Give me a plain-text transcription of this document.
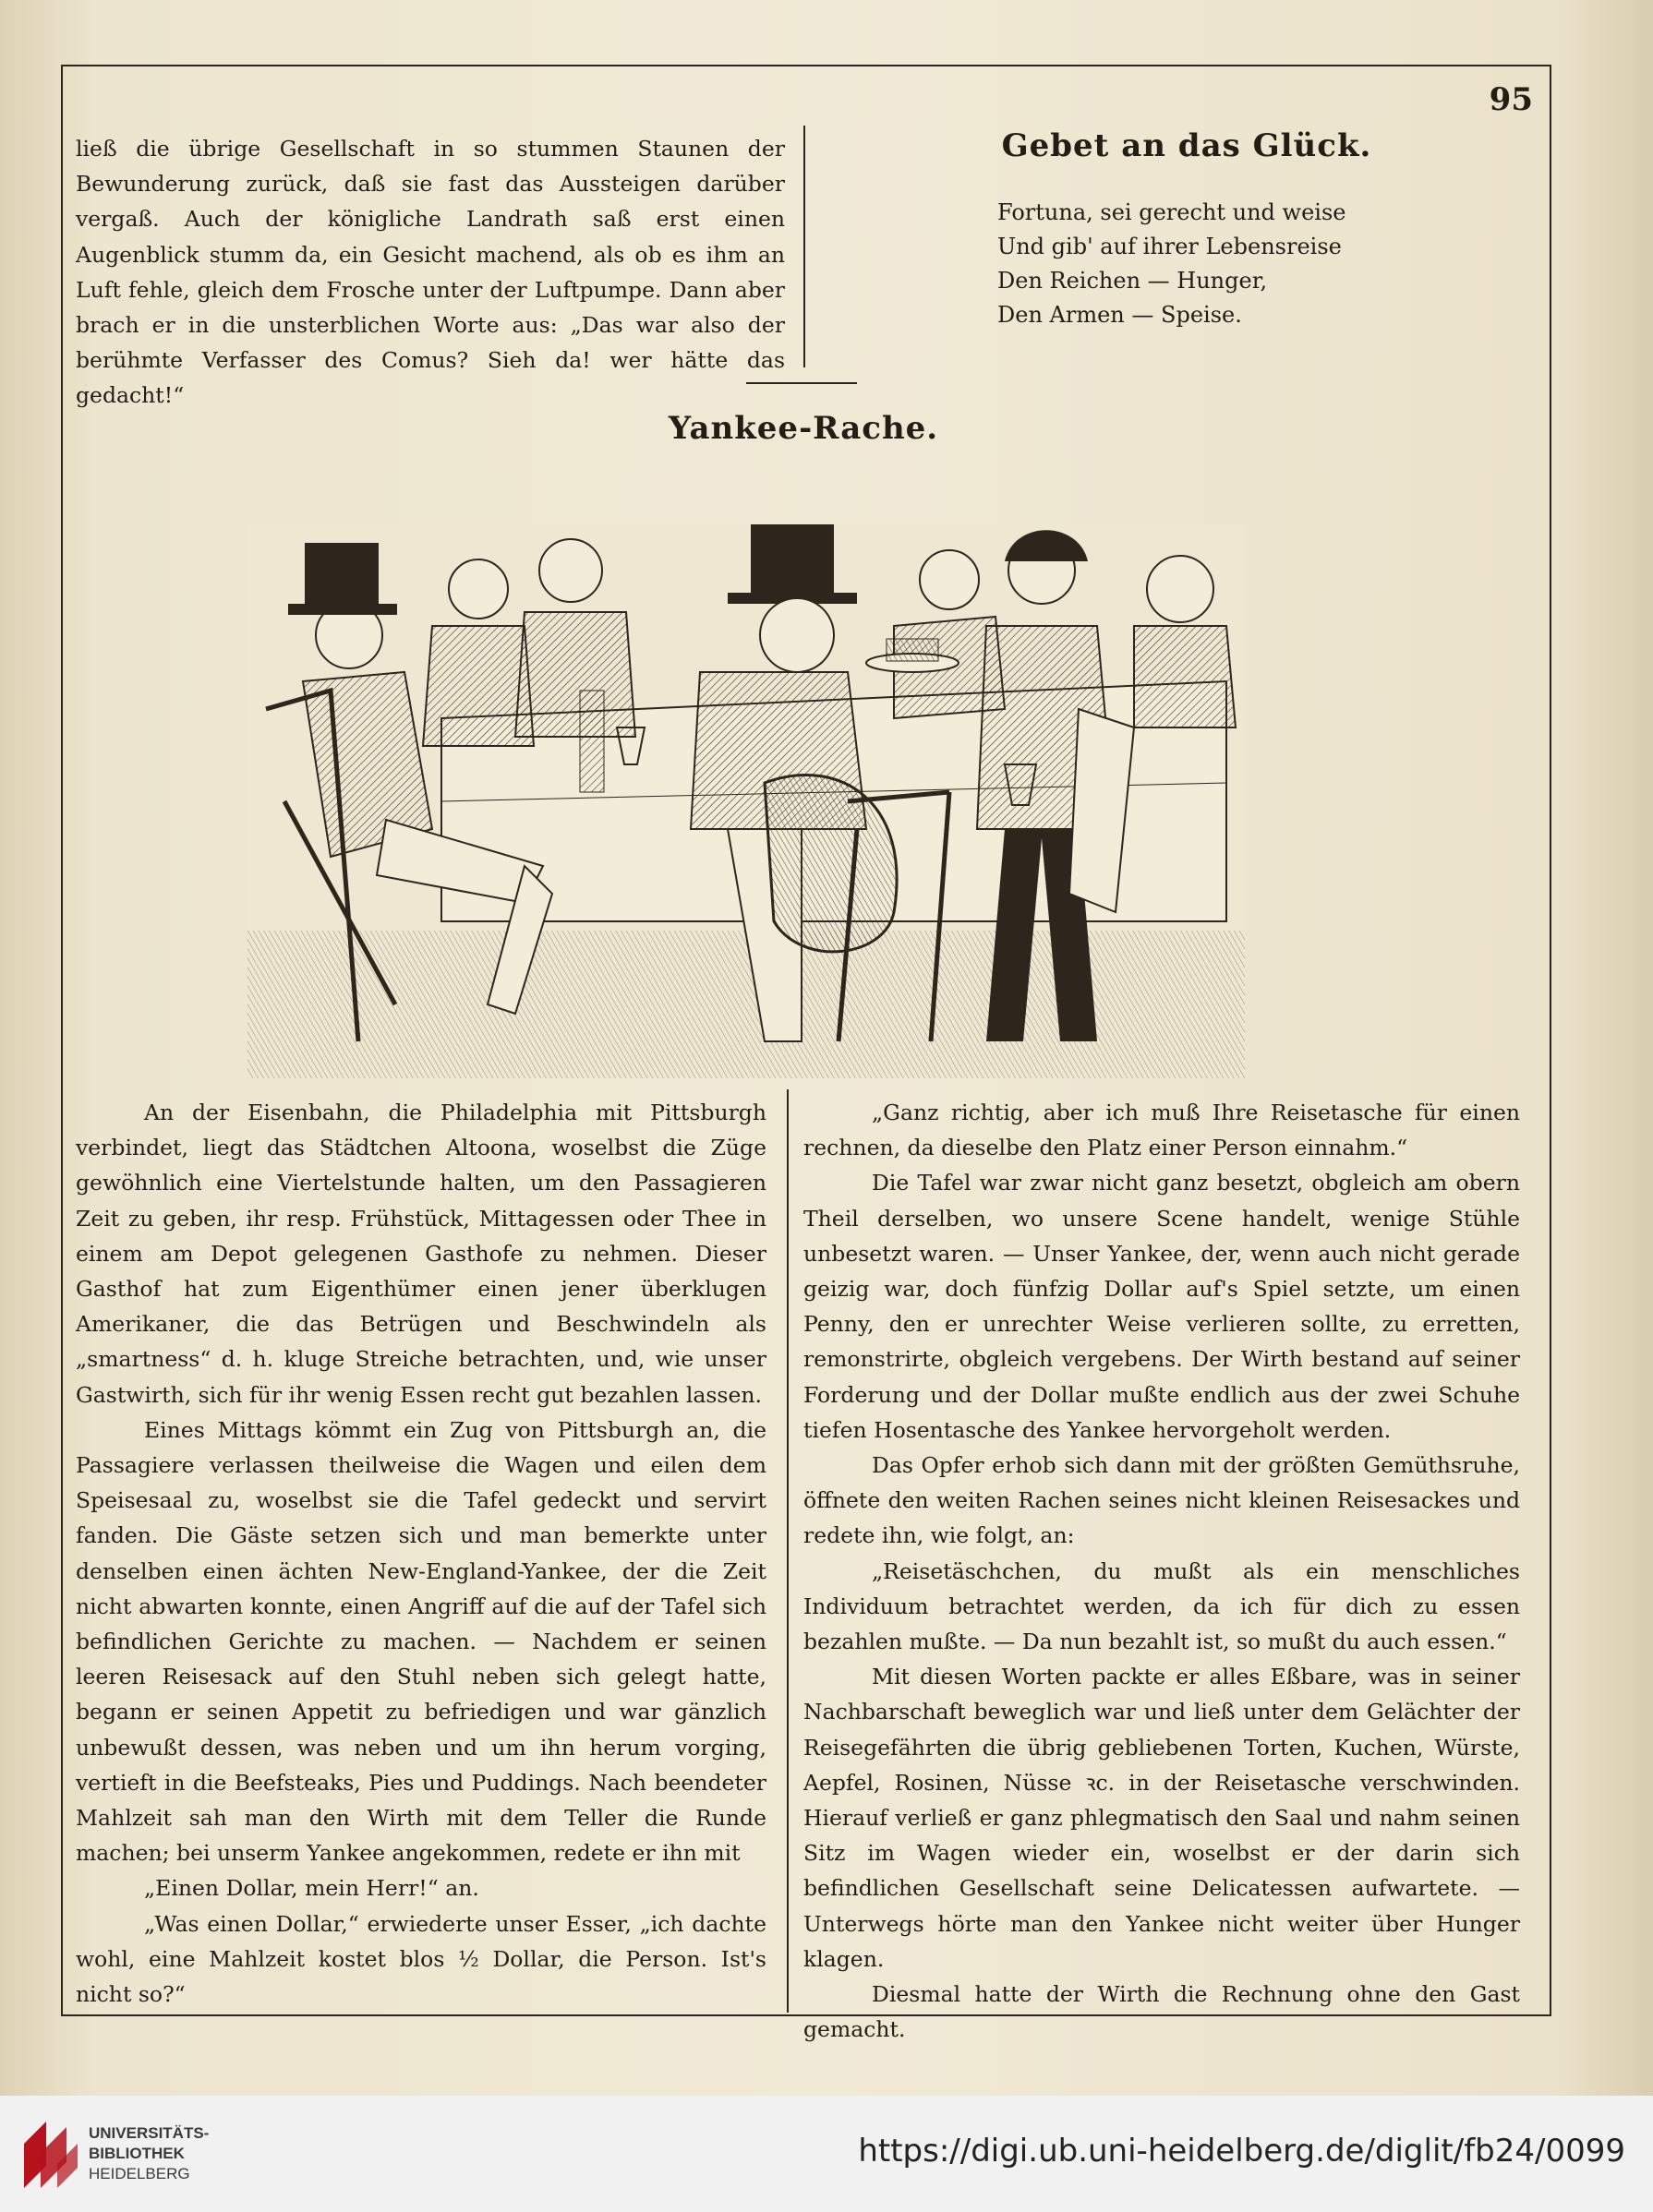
95

ließ die übrige Gesellschaft in so stummen Staunen der Bewunderung zurück, daß sie fast das Aussteigen darüber vergaß. Auch der königliche Landrath saß erst einen Augenblick stumm da, ein Gesicht machend, als ob es ihm an Luft fehle, gleich dem Frosche unter der Luftpumpe. Dann aber brach er in die unsterblichen Worte aus: „Das war also der berühmte Verfasser des Comus? Sieh da! wer hätte das gedacht!“

Gebet an das Glück.
Fortuna, sei gerecht und weise
Und gib' auf ihrer Lebensreise
Den Reichen — Hunger,
Den Armen — Speise.
Yankee-Rache.

An der Eisenbahn, die Philadelphia mit Pittsburgh verbindet, liegt das Städtchen Altoona, woselbst die Züge gewöhnlich eine Viertelstunde halten, um den Passagieren Zeit zu geben, ihr resp. Frühstück, Mittagessen oder Thee in einem am Depot gelegenen Gasthofe zu nehmen. Dieser Gasthof hat zum Eigenthümer einen jener überklugen Amerikaner, die das Betrügen und Beschwindeln als „smartness“ d. h. kluge Streiche betrachten, und, wie unser Gastwirth, sich für ihr wenig Essen recht gut bezahlen lassen.

Eines Mittags kömmt ein Zug von Pittsburgh an, die Passagiere verlassen theilweise die Wagen und eilen dem Speisesaal zu, woselbst sie die Tafel gedeckt und servirt fanden. Die Gäste setzen sich und man bemerkte unter denselben einen ächten New-England-Yankee, der die Zeit nicht abwarten konnte, einen Angriff auf die auf der Tafel sich befindlichen Gerichte zu machen. — Nachdem er seinen leeren Reisesack auf den Stuhl neben sich gelegt hatte, begann er seinen Appetit zu befriedigen und war gänzlich unbewußt dessen, was neben und um ihn herum vorging, vertieft in die Beefsteaks, Pies und Puddings. Nach beendeter Mahlzeit sah man den Wirth mit dem Teller die Runde machen; bei unserm Yankee angekommen, redete er ihn mit

„Einen Dollar, mein Herr!“ an.

„Was einen Dollar,“ erwiederte unser Esser, „ich dachte wohl, eine Mahlzeit kostet blos ½ Dollar, die Person. Ist's nicht so?“

„Ganz richtig, aber ich muß Ihre Reisetasche für einen rechnen, da dieselbe den Platz einer Person einnahm.“

Die Tafel war zwar nicht ganz besetzt, obgleich am obern Theil derselben, wo unsere Scene handelt, wenige Stühle unbesetzt waren. — Unser Yankee, der, wenn auch nicht gerade geizig war, doch fünfzig Dollar auf's Spiel setzte, um einen Penny, den er unrechter Weise verlieren sollte, zu erretten, remonstrirte, obgleich vergebens. Der Wirth bestand auf seiner Forderung und der Dollar mußte endlich aus der zwei Schuhe tiefen Hosentasche des Yankee hervorgeholt werden.

Das Opfer erhob sich dann mit der größten Gemüthsruhe, öffnete den weiten Rachen seines nicht kleinen Reisesackes und redete ihn, wie folgt, an:

„Reisetäschchen, du mußt als ein menschliches Individuum betrachtet werden, da ich für dich zu essen bezahlen mußte. — Da nun bezahlt ist, so mußt du auch essen.“

Mit diesen Worten packte er alles Eßbare, was in seiner Nachbarschaft beweglich war und ließ unter dem Gelächter der Reisegefährten die übrig gebliebenen Torten, Kuchen, Würste, Aepfel, Rosinen, Nüsse ꝛc. in der Reisetasche verschwinden. Hierauf verließ er ganz phlegmatisch den Saal und nahm seinen Sitz im Wagen wieder ein, woselbst er der darin sich befindlichen Gesellschaft seine Delicatessen aufwartete. — Unterwegs hörte man den Yankee nicht weiter über Hunger klagen.

Diesmal hatte der Wirth die Rechnung ohne den Gast gemacht.

UNIVERSITÄTS-
BIBLIOTHEK
HEIDELBERG
https://digi.ub.uni-heidelberg.de/diglit/fb24/0099
